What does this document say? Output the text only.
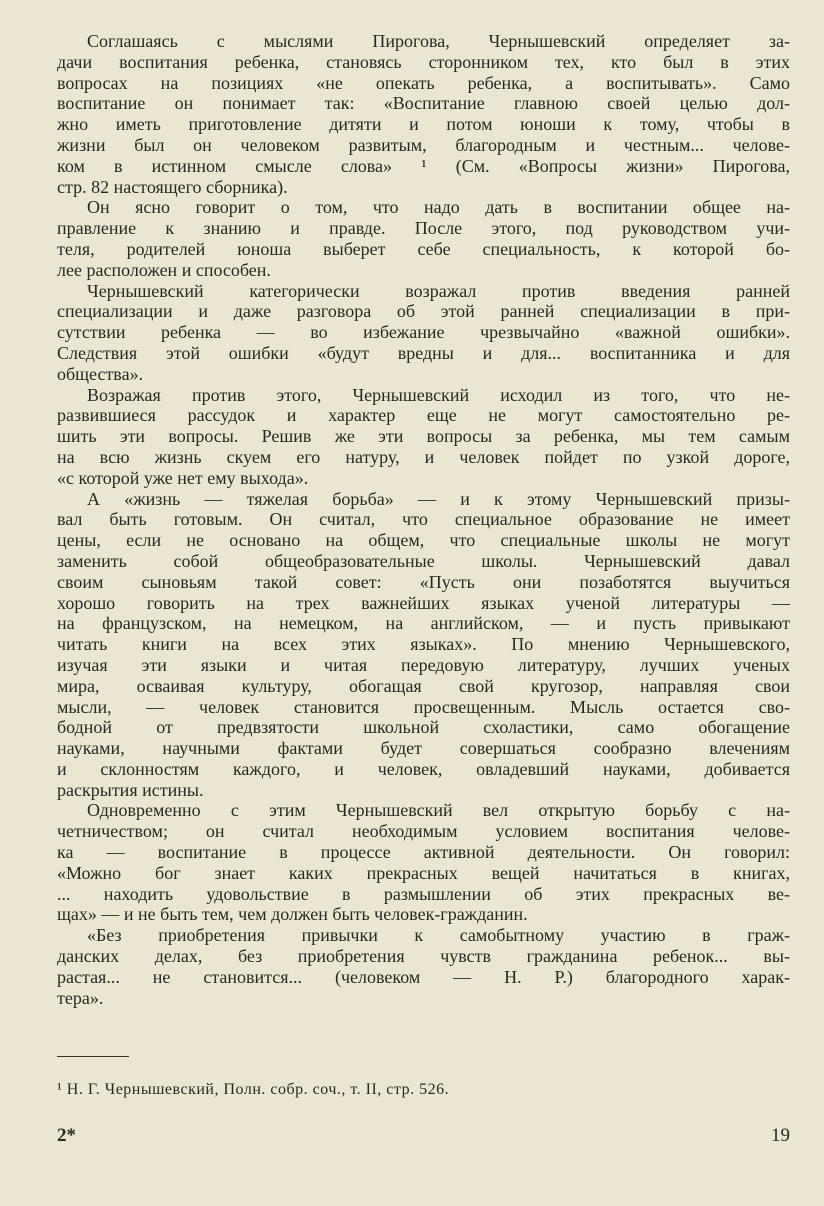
Соглашаясь с мыслями Пирогова, Чернышевский определяет за-
дачи воспитания ребенка, становясь сторонником тех, кто был в этих
вопросах на позициях «не опекать ребенка, а воспитывать». Само
воспитание он понимает так: «Воспитание главною своей целью дол-
жно иметь приготовление дитяти и потом юноши к тому, чтобы в
жизни был он человеком развитым, благородным и честным... челове-
ком в истинном смысле слова» ¹ (См. «Вопросы жизни» Пирогова,
стр. 82 настоящего сборника).
Он ясно говорит о том, что надо дать в воспитании общее на-
правление к знанию и правде. После этого, под руководством учи-
теля, родителей юноша выберет себе специальность, к которой бо-
лее расположен и способен.
Чернышевский категорически возражал против введения ранней
специализации и даже разговора об этой ранней специализации в при-
сутствии ребенка — во избежание чрезвычайно «важной ошибки».
Следствия этой ошибки «будут вредны и для... воспитанника и для
общества».
Возражая против этого, Чернышевский исходил из того, что не-
развившиеся рассудок и характер еще не могут самостоятельно ре-
шить эти вопросы. Решив же эти вопросы за ребенка, мы тем самым
на всю жизнь скуем его натуру, и человек пойдет по узкой дороге,
«с которой уже нет ему выхода».
А «жизнь — тяжелая борьба» — и к этому Чернышевский призы-
вал быть готовым. Он считал, что специальное образование не имеет
цены, если не основано на общем, что специальные школы не могут
заменить собой общеобразовательные школы. Чернышевский давал
своим сыновьям такой совет: «Пусть они позаботятся выучиться
хорошо говорить на трех важнейших языках ученой литературы —
на французском, на немецком, на английском, — и пусть привыкают
читать книги на всех этих языках». По мнению Чернышевского,
изучая эти языки и читая передовую литературу, лучших ученых
мира, осваивая культуру, обогащая свой кругозор, направляя свои
мысли, — человек становится просвещенным. Мысль остается сво-
бодной от предвзятости школьной схоластики, само обогащение
науками, научными фактами будет совершаться сообразно влечениям
и склонностям каждого, и человек, овладевший науками, добивается
раскрытия истины.
Одновременно с этим Чернышевский вел открытую борьбу с на-
четничеством; он считал необходимым условием воспитания челове-
ка — воспитание в процессе активной деятельности. Он говорил:
«Можно бог знает каких прекрасных вещей начитаться в книгах,
... находить удовольствие в размышлении об этих прекрасных ве-
щах» — и не быть тем, чем должен быть человек-гражданин.
«Без приобретения привычки к самобытному участию в граж-
данских делах, без приобретения чувств гражданина ребенок... вы-
растая... не становится... (человеком — Н. Р.) благородного харак-
тера».
¹ Н. Г. Чернышевский, Полн. собр. соч., т. II, стр. 526.
2*	19
